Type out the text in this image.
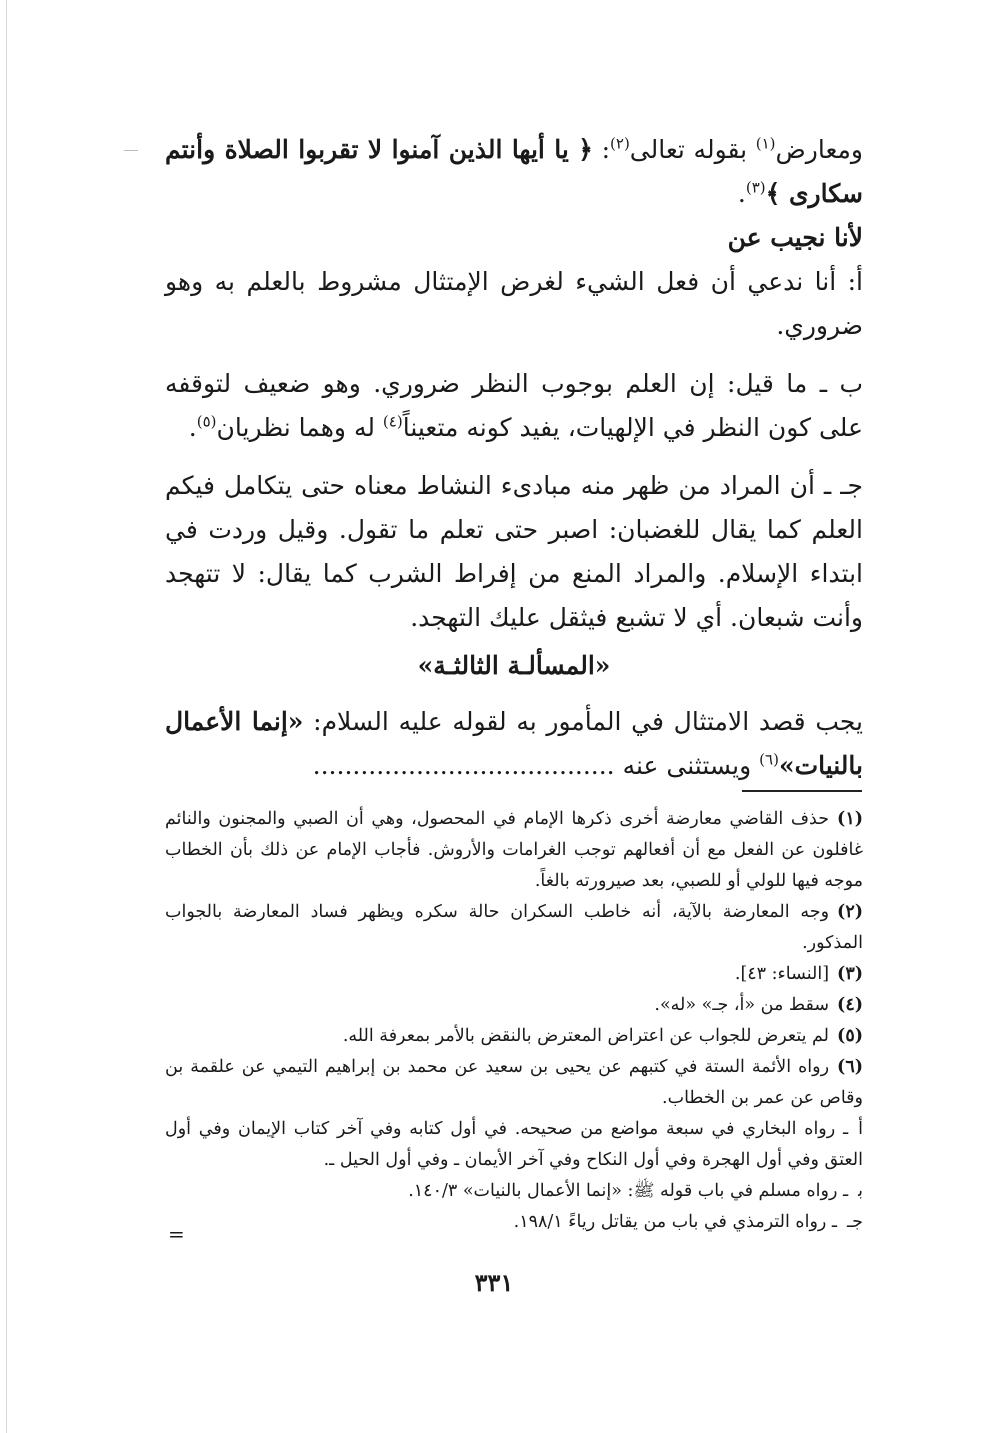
ومعارض$^{(١)}$ بقوله تعالى$^{(٢)}$: ﴿ يا أيها الذين آمنوا لا تقربوا الصلاة وأنتم سكارى ﴾$^{(٣)}$.

لأنا نجيب عن

أ: أنا ندعي أن فعل الشيء لغرض الإمتثال مشروط بالعلم به وهو ضروري.

ب ـ ما قيل: إن العلم بوجوب النظر ضروري. وهو ضعيف لتوقفه على كون النظر في الإلهيات، يفيد كونه متعيناً$^{(٤)}$ له وهما نظريان$^{(٥)}$.

جـ ـ أن المراد من ظهر منه مبادىء النشاط معناه حتى يتكامل فيكم العلم كما يقال للغضبان: اصبر حتى تعلم ما تقول. وقيل وردت في ابتداء الإسلام. والمراد المنع من إفراط الشرب كما يقال: لا تتهجد وأنت شبعان. أي لا تشبع فيثقل عليك التهجد.

«المسألـة الثالثـة»

يجب قصد الامتثال في المأمور به لقوله عليه السلام: «إنما الأعمال بالنيات»$^{(٦)}$ ويستثنى عنه ......................................

(١)حذف القاضي معارضة أخرى ذكرها الإمام في المحصول، وهي أن الصبي والمجنون والنائم غافلون عن الفعل مع أن أفعالهم توجب الغرامات والأروش. فأجاب الإمام عن ذلك بأن الخطاب موجه فيها للولي أو للصبي، بعد صيرورته بالغاً.

(٢)وجه المعارضة بالآية، أنه خاطب السكران حالة سكره ويظهر فساد المعارضة بالجواب المذكور.

(٣)[النساء: ٤٣].

(٤)سقط من «أ، جـ» «له».

(٥)لم يتعرض للجواب عن اعتراض المعترض بالنقض بالأمر بمعرفة الله.

(٦)رواه الأئمة الستة في كتبهم عن يحيى بن سعيد عن محمد بن إبراهيم التيمي عن علقمة بن وقاص عن عمر بن الخطاب.

أـ رواه البخاري في سبعة مواضع من صحيحه. في أول كتابه وفي آخر كتاب الإيمان وفي أول العتق وفي أول الهجرة وفي أول النكاح وفي آخر الأيمان ـ وفي أول الحيل ـ.

بـ رواه مسلم في باب قوله ﷺ: «إنما الأعمال بالنيات» ١٤٠/٣.

جــ رواه الترمذي في باب من يقاتل رياءً ١٩٨/١.

=
٣٣١
